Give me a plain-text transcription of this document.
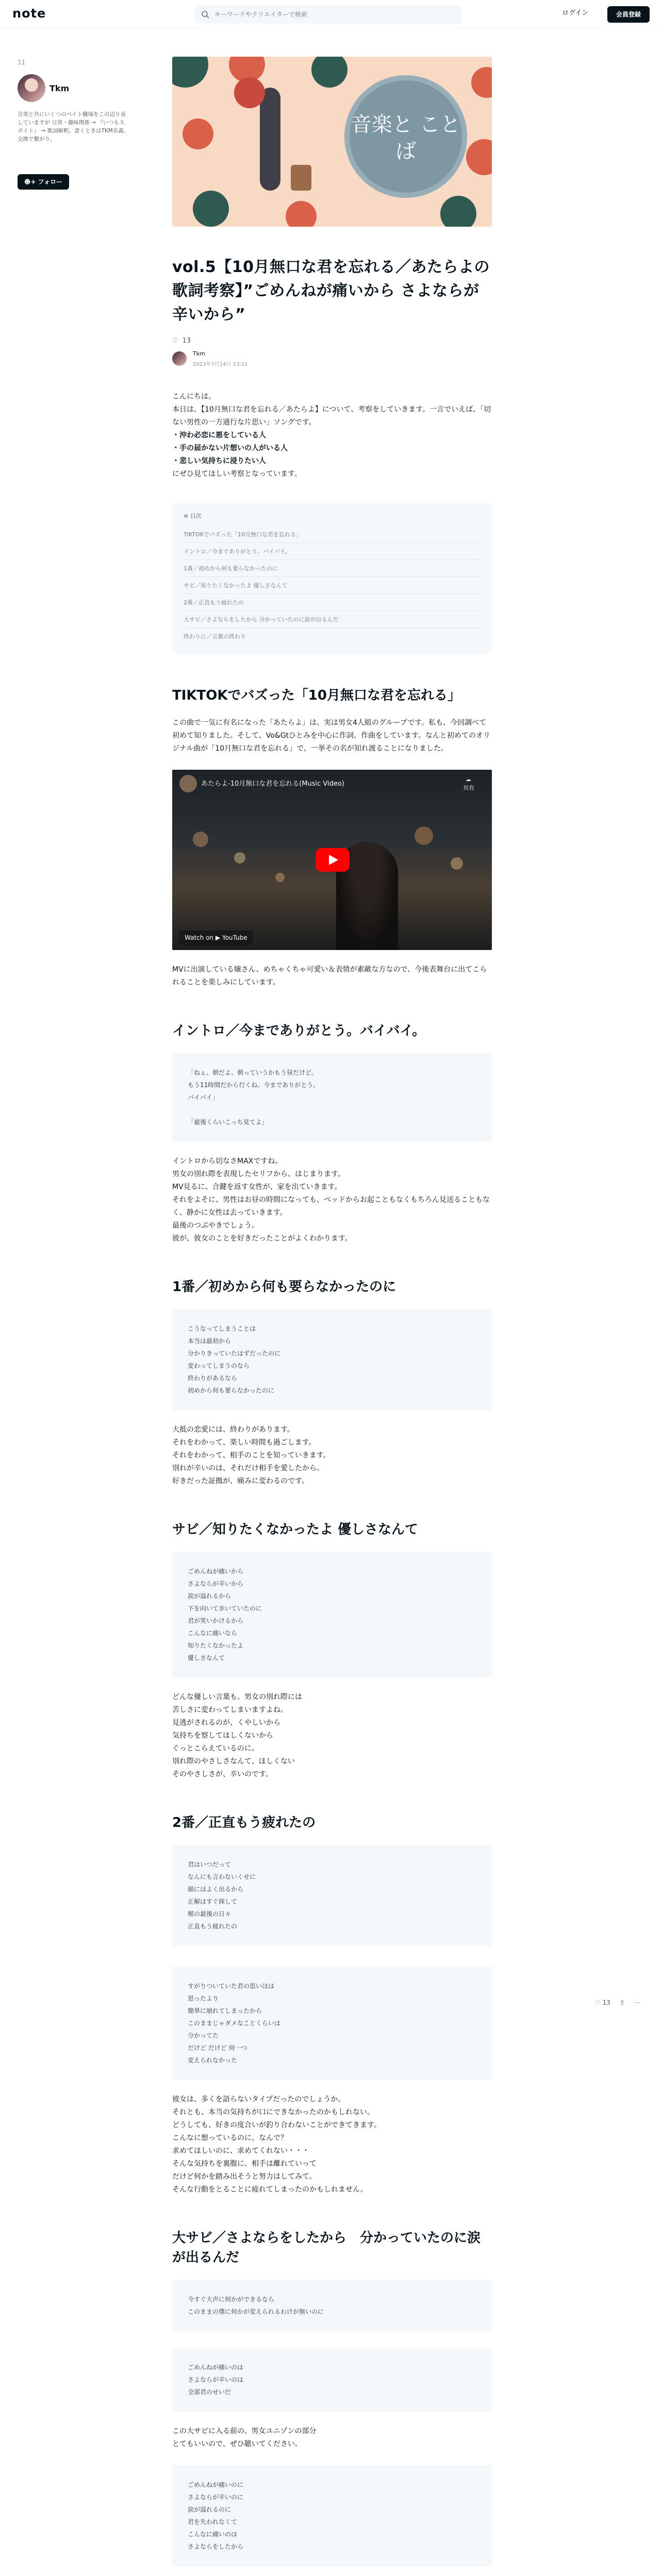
note
キーワードやクリエイターで検索	ログイン	会員登録
11
Tkm
音楽と共にいくつのベイト職場をこの辺り表していますが 日常・趣味関係 → 『いつもスポイト』 → 歌詞解釈。書くときはTKM名義、 交換で繋がり。
☻+ フォロー
音楽と ことば
vol.5【10月無口な君を忘れる／あたらよの歌詞考察】”ごめんねが痛いから さよならが辛いから”
♡ 13
Tkm
2023年7月14日 13:21

こんにちは。

本日は、【10月無口な君を忘れる／あたらよ】について、考察をしていきます。一言でいえば、「切ない男性の一方通行な片思い」ソングです。

・沖わ必恋に悪をしている人

・手の届かない片想いの人がいる人

・悲しい気持ちに浸りたい人

にぜひ見てほしい考察となっています。

≡ 目次
TIKTOKでバズった「10月無口な君を忘れる」
イントロ／今までありがとう。バイバイ。
1番／初めから何も要らなかったのに
サビ／知りたくなかったよ 優しさなんて
2番／正直もう疲れたの
大サビ／さよならをしたから 分かっていたのに涙が出るんだ
終わりに／言葉の終わり
TIKTOKでバズった「10月無口な君を忘れる」

この曲で一気に有名になった「あたらよ」は、実は男女4人組のグループです。私も、今回調べて初めて知りました。そして、Vo&Gtひとみを中心に作詞、作曲をしています。なんと初めてのオリジナル曲が「10月無口な君を忘れる」で、一挙その名が知れ渡ることになりました。

あたらよ-10月無口な君を忘れる(Music Video)	➦
共有
Watch on ▶ YouTube

MVに出演している嬢さん、めちゃくちゃ可愛い＆表情が素敵な方なので、今後表舞台に出てこられることを楽しみにしています。

イントロ／今までありがとう。バイバイ。
「ねぇ、朝だよ、朝っていうかもう昼だけど。
もう11時間だから行くね。今までありがとう。
バイバイ」
「最後くらいこっち見てよ」

イントロから切なさMAXですね。

男女の別れ際を表現したセリフから、はじまります。

MV見るに、合鍵を返す女性が、家を出ていきます。

それをよそに、男性はお昼の時間になっても、ベッドからお起こともなくもちろん見送ることもなく、静かに女性は去っていきます。

最後のつぶやきでしょう。

彼が、彼女のことを好きだったことがよくわかります。

1番／初めから何も要らなかったのに
こうなってしまうことは
本当は最初から
分かりきっていたはずだったのに
変わってしまうのなら
終わりがあるなら
初めから何も要らなかったのに

大抵の恋愛には、終わりがあります。

それをわかって、楽しい時間も過ごします。

それをわかって、相手のことを知っていきます。

別れが辛いのは、それだけ相手を愛したから。

好きだった証拠が、痛みに変わるのです。

サビ／知りたくなかったよ 優しさなんて
ごめんねが痛いから
さよならが辛いから
涙が溢れるから
下を向いて歩いていたのに
君が笑いかけるから
こんなに痛いなら
知りたくなかったよ
優しさなんて

どんな優しい言葉も、男女の別れ際には

苦しさに変わってしまいますよね。

見逃がされるのが、くやしいから

気持ちを察してほしくないから

ぐっとこらえているのに。

別れ際のやさしさなんて、ほしくない

そのやさしさが、辛いのです。

2番／正直もう疲れたの
君はいつだって
なんにも言わないくせに
顔にはよく出るから
正解はすぐ探して
喉の最後の日々
正直もう疲れたの
すがりついていた君の思いほは
思ったより
簡単に崩れてしまったから
このままじゃダメなことくらいは
分かってた
だけど だけど 何一つ
変えられなかった

彼女は、多くを語らないタイプだったのでしょうか。

それとも、本当の気持ちが口にできなかったのかもしれない。

どうしても、好きの度合いが釣り合わないことができてきます。

こんなに想っているのに、なんで？

求めてほしいのに、求めてくれない・・・

そんな気持ちを裏腹に、相手は離れていって

だけど何かを踏み出そうと努力はしてみて。

そんな行動をとることに疲れてしまったのかもしれません。

大サビ／さよならをしたから　分かっていたのに涙が出るんだ
今すぐ大声に何かができるなら
このままの僕に何かが変えられるわけが無いのに
ごめんねが痛いのは
さよならが辛いのは
全部君のせいだ

この大サビに入る前の、男女ユニゾンの部分

とてもいいので、ぜひ聴いてください。

ごめんねが痛いのに
さよならが辛いのに
涙が溢れるのに
君を失われなくて
こんなに痛いのは
さよならをしたから
♡ 13 ⇧ ⋯
